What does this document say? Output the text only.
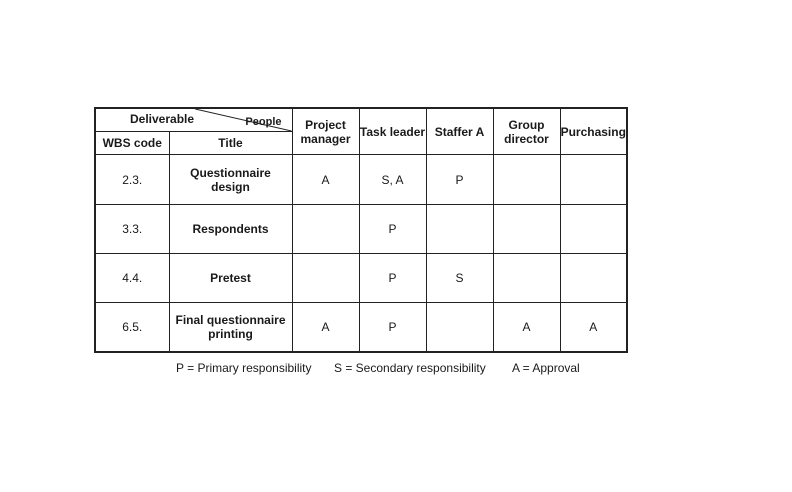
Deliverable People		Project manager	Task leader	Staffer A	Group director	Purchasing
WBS code	Title					
2.3.	Questionnaire design	A	S, A	P		
3.3.	Respondents		P			
4.4.	Pretest		P	S		
6.5.	Final questionnaire printing	A	P		A	A
P = Primary responsibility S = Secondary responsibility A = Approval
